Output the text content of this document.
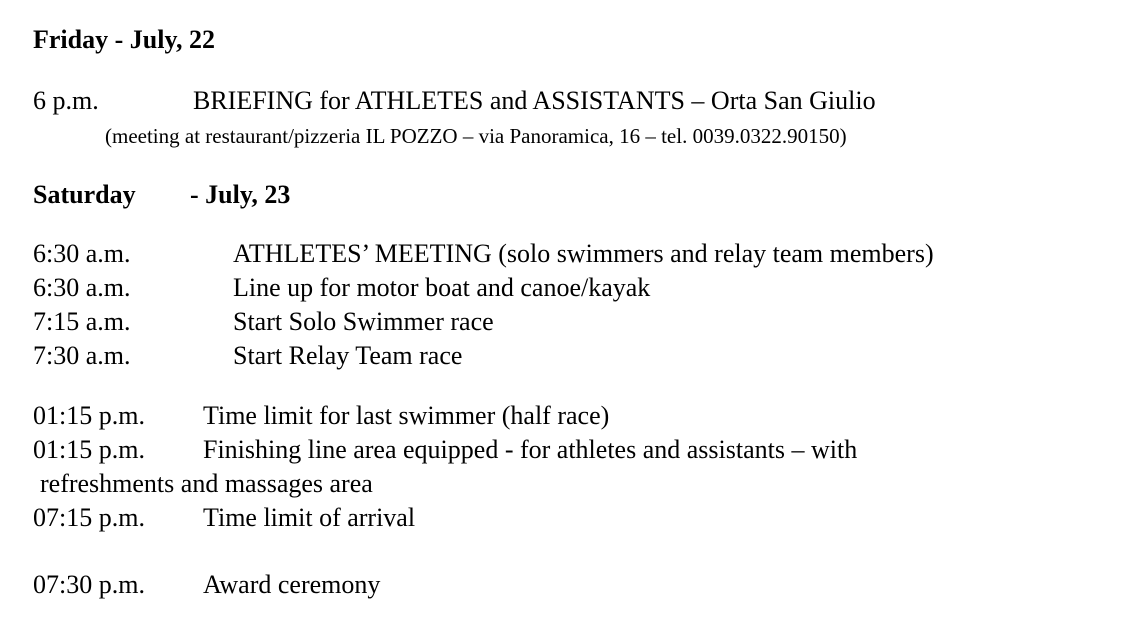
Friday - July, 22
6 p.m.	BRIEFING for ATHLETES and ASSISTANTS – Orta San Giulio
(meeting at restaurant/pizzeria IL POZZO – via Panoramica, 16 – tel. 0039.0322.90150)
Saturday - July, 23
6:30 a.m.	ATHLETES’ MEETING (solo swimmers and relay team members)
6:30 a.m.	Line up for motor boat and canoe/kayak
7:15 a.m.	Start Solo Swimmer race
7:30 a.m.	Start Relay Team race
01:15 p.m. Time limit for last swimmer (half race)
01:15 p.m. Finishing line area equipped - for athletes and assistants – with
refreshments and massages area
07:15 p.m. Time limit of arrival
07:30 p.m. Award ceremony
